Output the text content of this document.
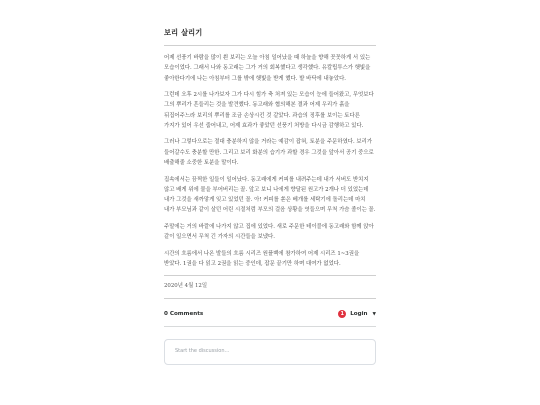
보리 살리기

어제 선풍기 바람을 많이 쐰 보리는 오늘 아침 일어났을 때 하늘을 향해 꼿꼿하게 서 있는 모습이었다. 그래서 나와 동고래는 그가 거의 회복했다고 생각했다. 유칼립투스가 햇빛을 좋아한다기에 나는 아침부터 그를 밖에 햇빛을 받게 했다. 밭 바닥에 내놓았다.

그런데 오후 2시를 나가보자 그가 다시 힘가 축 처져 있는 모습이 눈에 들어왔고, 무엇보다 그의 뿌리가 흔들리는 것을 발견했다. 동고래와 협의해본 결과 어제 우리가 흙을 뒤집어주느라 보리의 뿌리를 조금 손상시킨 것 같았다. 과습의 징후를 보이는 토다른 가지가 있어 우선 줍어내고, 어제 효과가 좋았던 선풍기 처방을 다시금 감행하고 있다.

그러나 그렇다으로는 절대 충분하지 않을 거라는 예감이 잡혀, 토분을 주문하였다. 보리가 들어갈수도 충분할 만한. 그리고 보리 화분의 습기가 과할 경우 그것을 앞아서 공기 중으로 배출해줄 소중한 토분을 말이다.

집속에서는 끔찍한 일들이 일어났다. 동고래에게 커피를 내려주는데 내가 서버도 받치지 않고 배게 위에 물을 부어버리는 꼴. 앞고 보니 나에게 향달된 원고가 2개나 더 있었는데 내가 그것을 새까맣게 잊고 있었던 꼴. 아! 커피를 쏟은 베개를 세탁기에 돌리는데 마치 내가 부모님과 같이 살던 어린 시절처럼 부모의 걸음 상황을 엿들으며 무척 가슴 졸이는 꼴.

주말에는 거의 바깥에 나가지 않고 집에 있었다. 새로 주문한 테이블에 동고래와 함께 앉아 같이 일으면서 무척 긴 가자의 시간들을 보냈다.

시간의 흐름에서 나온 발들의 흐름 시리즈 원플백에 참가하여 어제 시리즈 1~3권을 받았다. 1권을 다 읽고 2권을 읽는 중인데, 잡문 끝기만 하며 대여가 없었다.

2020년 4월 12일
0 Comments	1	Login ▼
Start the discussion…
